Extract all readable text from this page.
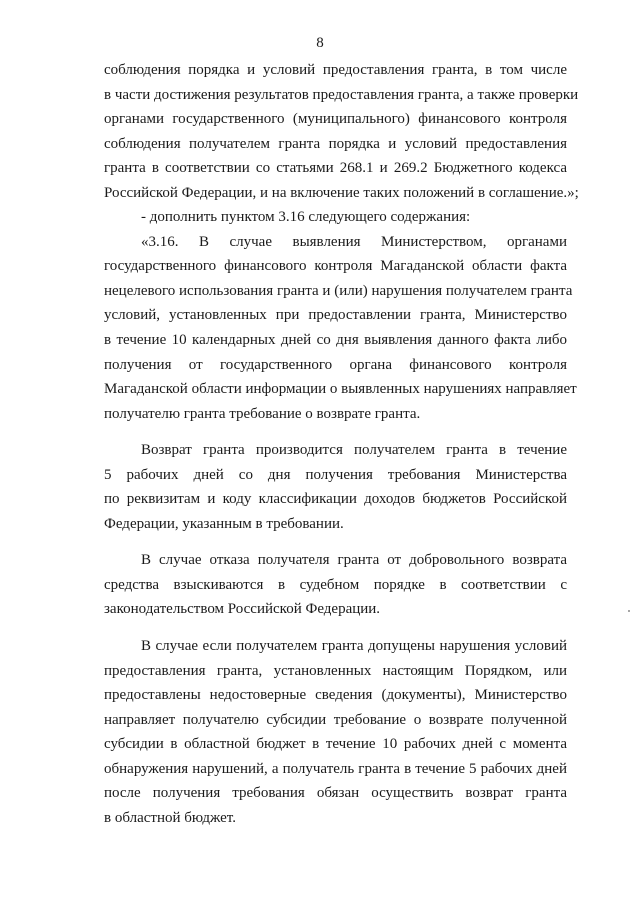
8
соблюдения порядка и условий предоставления гранта, в том числе
в части достижения результатов предоставления гранта, а также проверки
органами государственного (муниципального) финансового контроля
соблюдения получателем гранта порядка и условий предоставления
гранта в соответствии со статьями 268.1 и 269.2 Бюджетного кодекса
Российской Федерации, и на включение таких положений в соглашение.»;
- дополнить пунктом 3.16 следующего содержания:
«3.16. В случае выявления Министерством, органами
государственного финансового контроля Магаданской области факта
нецелевого использования гранта и (или) нарушения получателем гранта
условий, установленных при предоставлении гранта, Министерство
в течение 10 календарных дней со дня выявления данного факта либо
получения от государственного органа финансового контроля
Магаданской области информации о выявленных нарушениях направляет
получателю гранта требование о возврате гранта.
Возврат гранта производится получателем гранта в течение
5 рабочих дней со дня получения требования Министерства
по реквизитам и коду классификации доходов бюджетов Российской
Федерации, указанным в требовании.
В случае отказа получателя гранта от добровольного возврата
средства взыскиваются в судебном порядке в соответствии с
законодательством Российской Федерации.
В случае если получателем гранта допущены нарушения условий
предоставления гранта, установленных настоящим Порядком, или
предоставлены недостоверные сведения (документы), Министерство
направляет получателю субсидии требование о возврате полученной
субсидии в областной бюджет в течение 10 рабочих дней с момента
обнаружения нарушений, а получатель гранта в течение 5 рабочих дней
после получения требования обязан осуществить возврат гранта
в областной бюджет.
